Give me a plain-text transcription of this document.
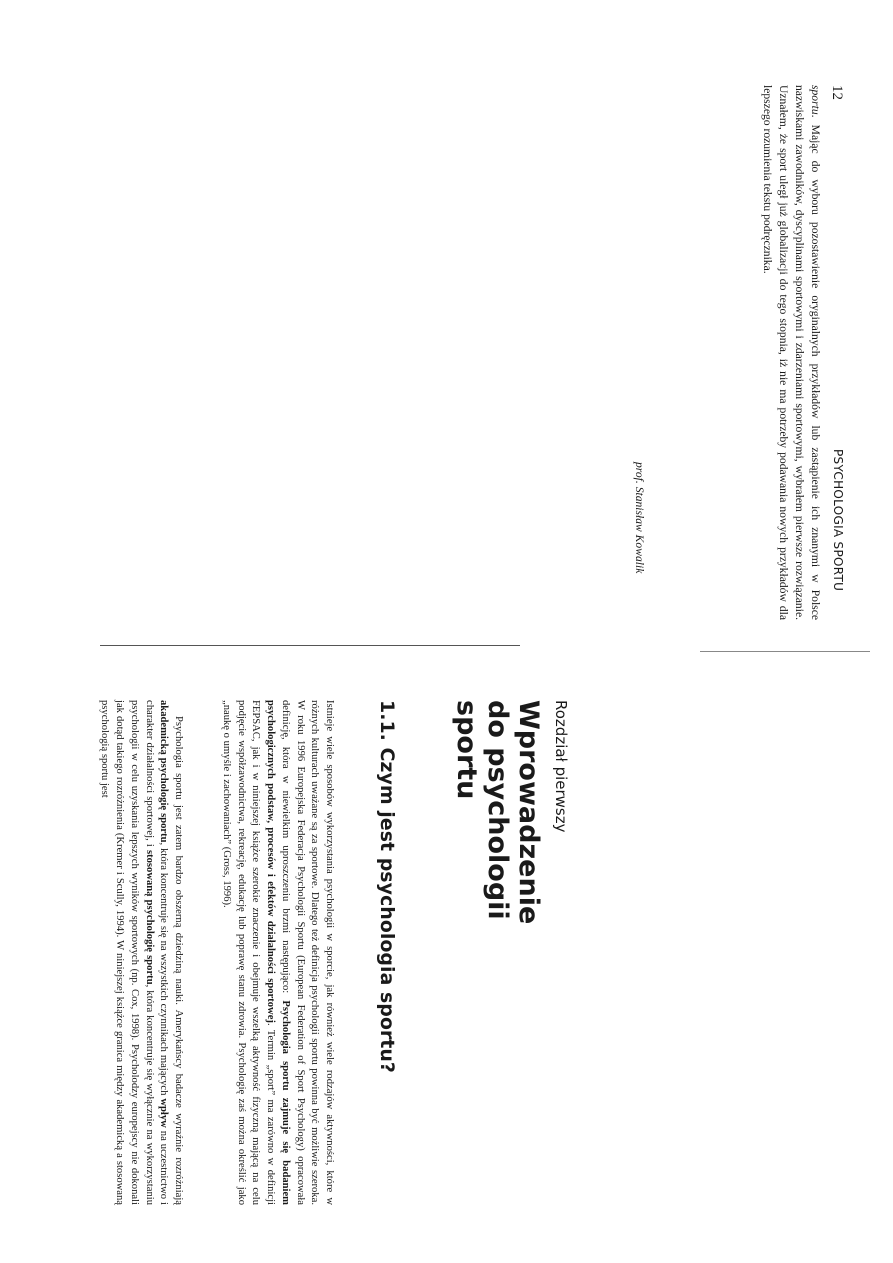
12
PSYCHOLOGIA SPORTU

sportu. Mając do wyboru pozostawienie oryginalnych przykładów lub zastąpienie ich znanymi w Polsce nazwiskami zawodników, dyscyplinami sportowymi i zdarzeniami sportowymi, wybrałem pierwsze rozwiązanie. Uznałem, że sport uległ już globalizacji do tego stopnia, iż nie ma potrzeby podawania nowych przykładów dla lepszego rozumienia tekstu podręcznika.

prof. Stanisław Kowalik
Rozdział pierwszy
Wprowadzenie do psychologii sportu
1.1. Czym jest psychologia sportu?

Istnieje wiele sposobów wykorzystania psychologii w sporcie, jak również wiele rodzajów aktywności, które w różnych kulturach uważane są za sportowe. Dlatego też definicja psychologii sportu powinna być możliwie szeroka. W roku 1996 Europejska Federacja Psychologii Sportu (European Federation of Sport Psychology) opracowała definicję, która w niewielkim uproszczeniu brzmi następująco: Psychologia sportu zajmuje się badaniem psychologicznych podstaw, procesów i efektów działalności sportowej. Termin „sport” ma zarówno w definicji FEPSAC, jak i w niniejszej książce szerokie znaczenie i obejmuje wszelką aktywność fizyczną mającą na celu podjęcie współzawodnictwa, rekreację, edukację lub poprawę stanu zdrowia. Psychologię zaś można określić jako „naukę o umyśle i zachowaniach” (Gross, 1996).

Psychologia sportu jest zatem bardzo obszerną dziedziną nauki. Amerykańscy badacze wyraźnie rozróżniają akademicką psychologię sportu, która koncentruje się na wszystkich czynnikach mających wpływ na uczestnictwo i charakter działalności sportowej, i stosowaną psychologię sportu, która koncentruje się wyłącznie na wykorzystaniu psychologii w celu uzyskania lepszych wyników sportowych (np. Cox, 1998). Psycholodzy europejscy nie dokonali jak dotąd takiego rozróżnienia (Kremer i Scully, 1994). W niniejszej książce granica między akademicką a stosowaną psychologią sportu jest
